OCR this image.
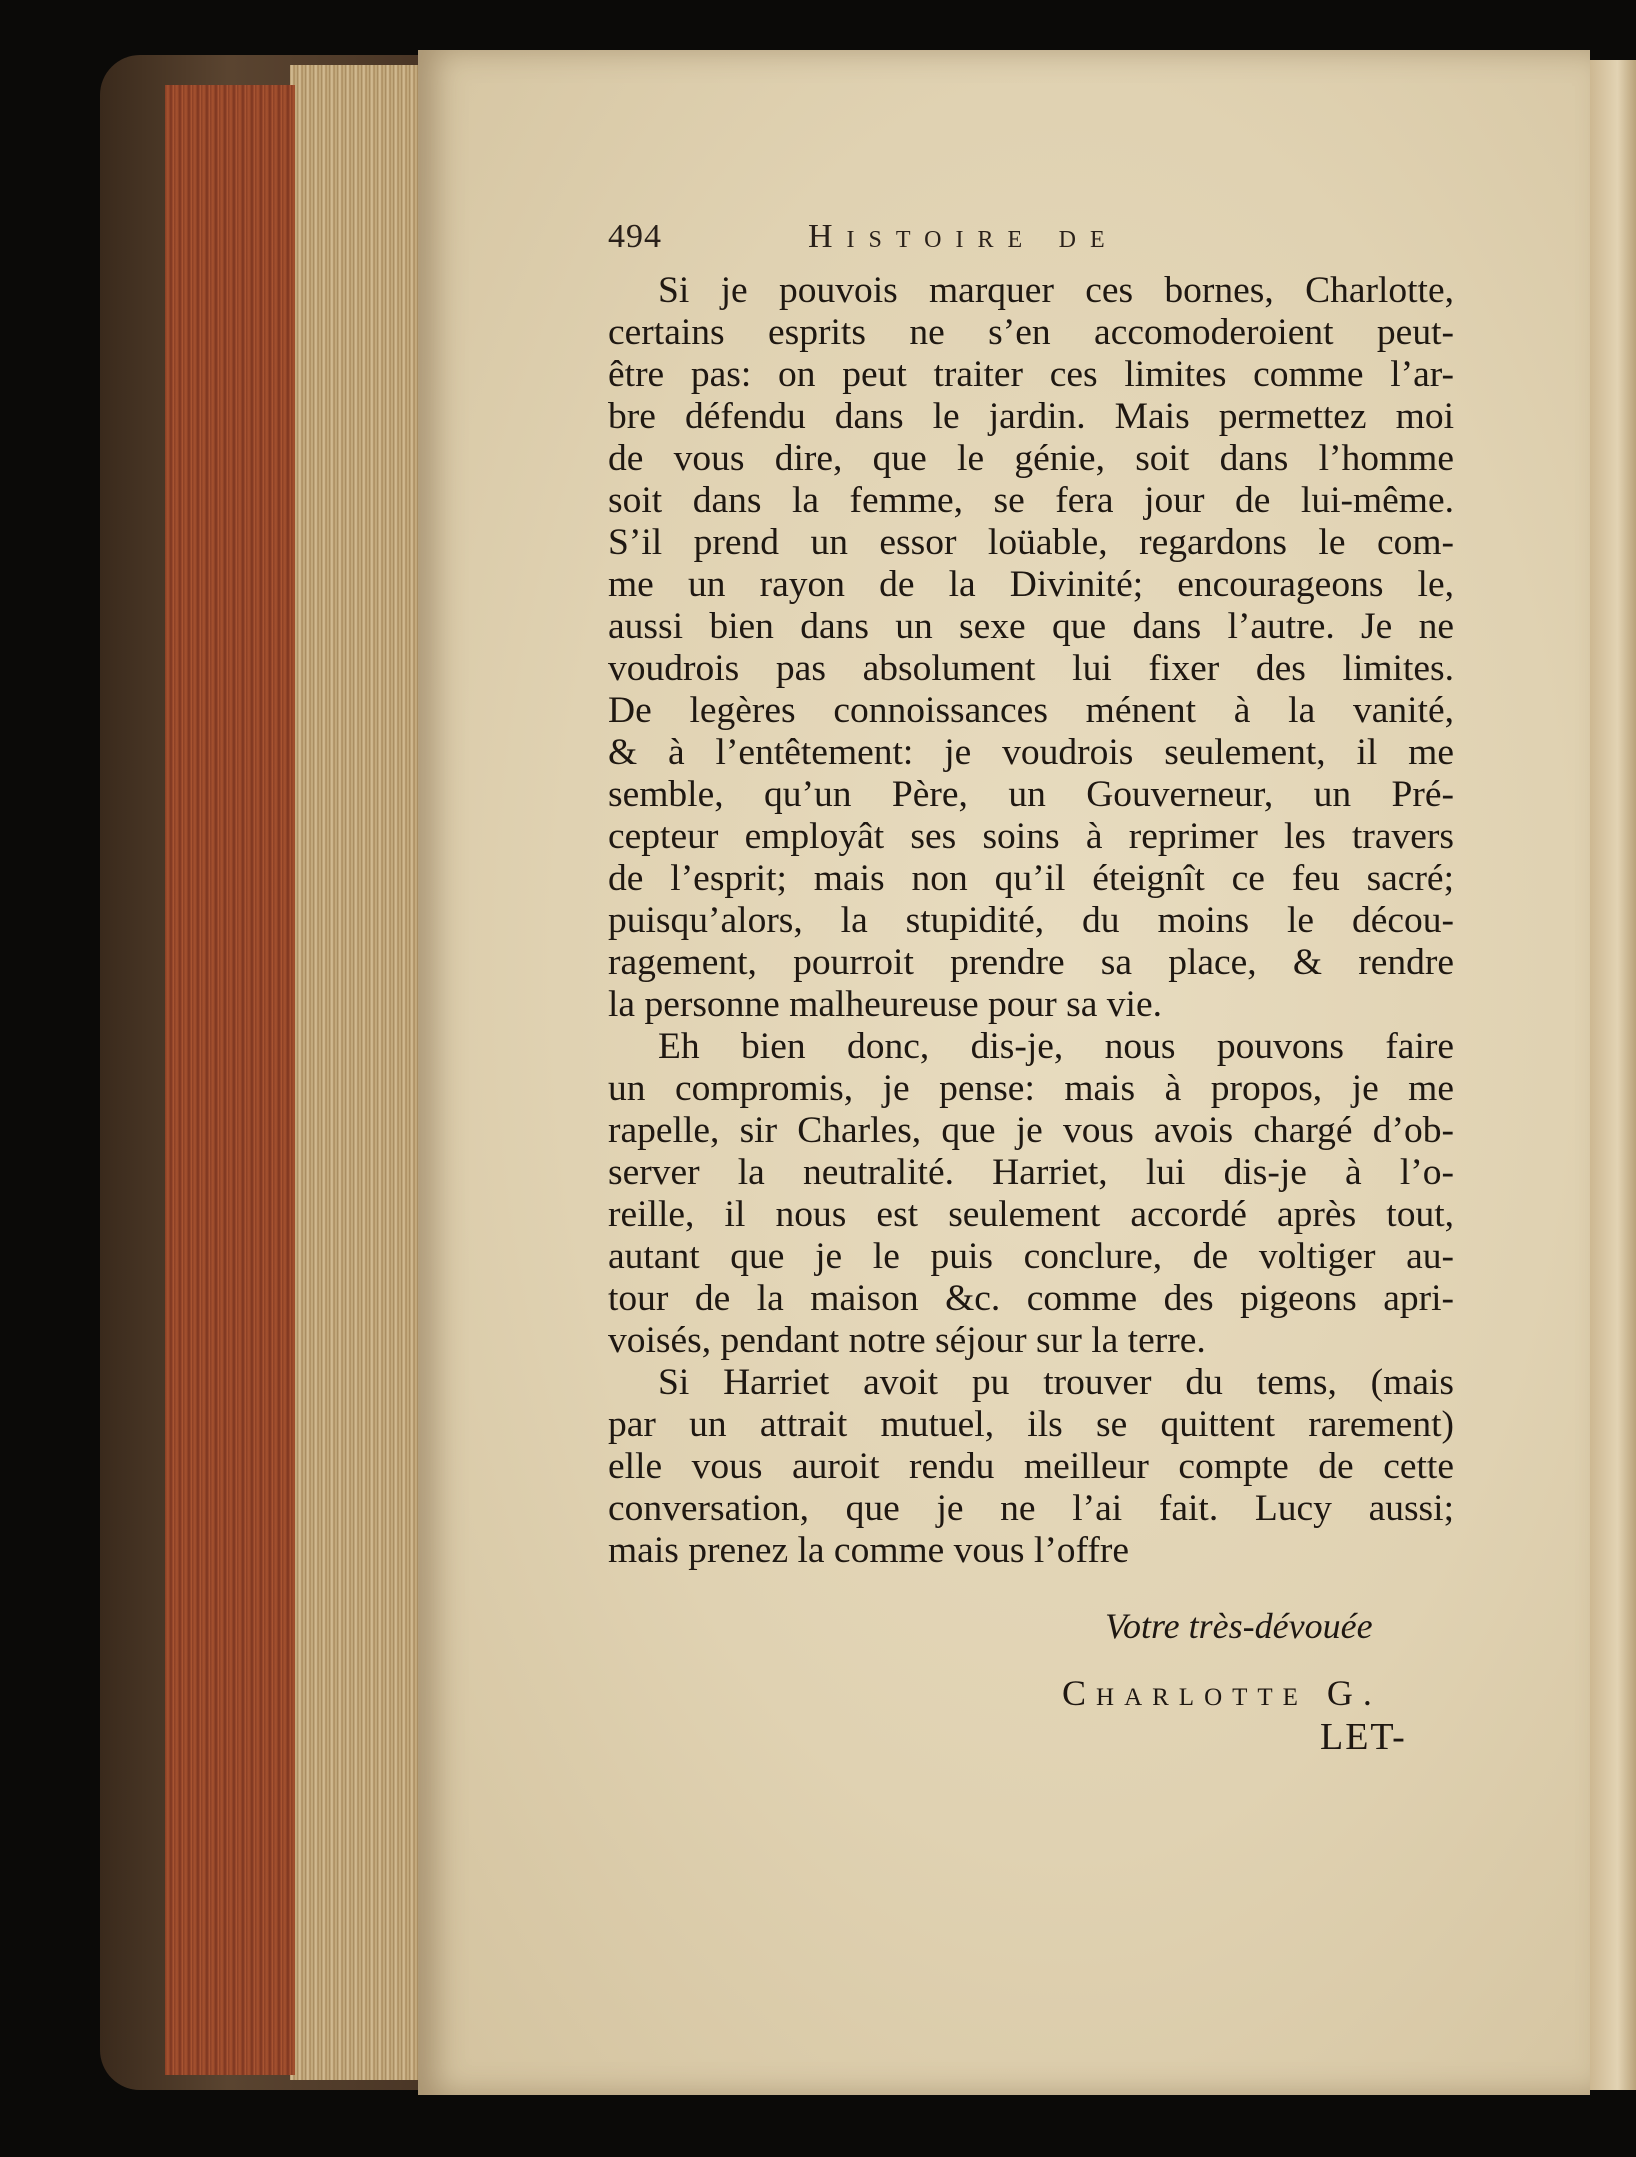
494	Histoire de
Si je pouvois marquer ces bornes, Charlotte,
certains esprits ne s’en accomoderoient peut-
être pas: on peut traiter ces limites comme l’ar-
bre défendu dans le jardin. Mais permettez moi
de vous dire, que le génie, soit dans l’homme
soit dans la femme, se fera jour de lui-même.
S’il prend un essor loüable, regardons le com-
me un rayon de la Divinité; encourageons le,
aussi bien dans un sexe que dans l’autre. Je ne
voudrois pas absolument lui fixer des limites.
De legères connoissances ménent à la vanité,
& à l’entêtement: je voudrois seulement, il me
semble, qu’un Père, un Gouverneur, un Pré-
cepteur employât ses soins à reprimer les travers
de l’esprit; mais non qu’il éteignît ce feu sacré;
puisqu’alors, la stupidité, du moins le décou-
ragement, pourroit prendre sa place, & rendre
la personne malheureuse pour sa vie.
Eh bien donc, dis-je, nous pouvons faire
un compromis, je pense: mais à propos, je me
rapelle, sir Charles, que je vous avois chargé d’ob-
server la neutralité. Harriet, lui dis-je à l’o-
reille, il nous est seulement accordé après tout,
autant que je le puis conclure, de voltiger au-
tour de la maison &c. comme des pigeons apri-
voisés, pendant notre séjour sur la terre.
Si Harriet avoit pu trouver du tems, (mais
par un attrait mutuel, ils se quittent rarement)
elle vous auroit rendu meilleur compte de cette
conversation, que je ne l’ai fait. Lucy aussi;
mais prenez la comme vous l’offre
Votre très-dévouée
Charlotte G.
LET-
